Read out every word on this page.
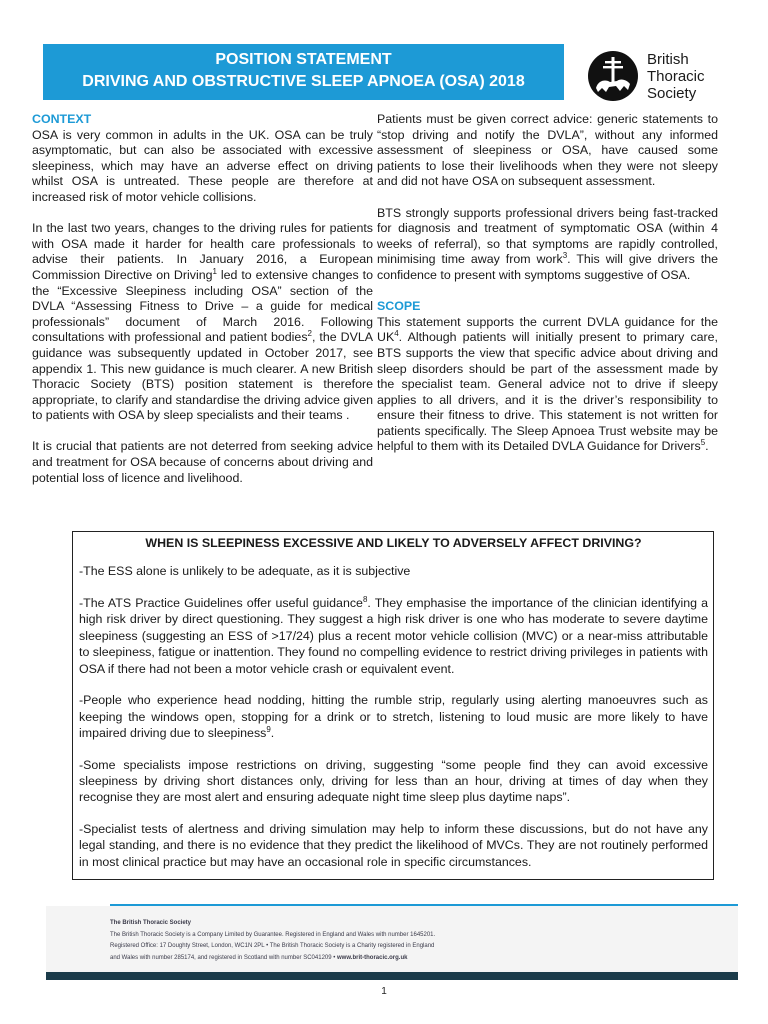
POSITION STATEMENT
DRIVING AND OBSTRUCTIVE SLEEP APNOEA (OSA) 2018
British
Thoracic
Society
CONTEXT

OSA is very common in adults in the UK. OSA can be truly asymptomatic, but can also be associated with excessive sleepiness, which may have an adverse effect on driving whilst OSA is untreated. These people are therefore at increased risk of motor vehicle collisions.

In the last two years, changes to the driving rules for patients with OSA made it harder for health care professionals to advise their patients. In January 2016, a European Commission Directive on Driving$^1$ led to extensive changes to the “Excessive Sleepiness including OSA” section of the DVLA “Assessing Fitness to Drive – a guide for medical professionals” document of March 2016. Following consultations with professional and patient bodies$^2$, the DVLA guidance was subsequently updated in October 2017, see appendix 1. This new guidance is much clearer. A new British Thoracic Society (BTS) position statement is therefore appropriate, to clarify and standardise the driving advice given to patients with OSA by sleep specialists and their teams .

It is crucial that patients are not deterred from seeking advice and treatment for OSA because of concerns about driving and potential loss of licence and livelihood.

Patients must be given correct advice: generic statements to “stop driving and notify the DVLA”, without any informed assessment of sleepiness or OSA, have caused some patients to lose their livelihoods when they were not sleepy and did not have OSA on subsequent assessment.

BTS strongly supports professional drivers being fast-tracked for diagnosis and treatment of symptomatic OSA (within 4 weeks of referral), so that symptoms are rapidly controlled, minimising time away from work$^3$. This will give drivers the confidence to present with symptoms suggestive of OSA.

SCOPE

This statement supports the current DVLA guidance for the $UK^4$. Although patients will initially present to primary care, BTS supports the view that specific advice about driving and sleep disorders should be part of the assessment made by the specialist team. General advice not to drive if sleepy applies to all drivers, and it is the driver’s responsibility to ensure their fitness to drive. This statement is not written for patients specifically. The Sleep Apnoea Trust website may be helpful to them with its Detailed DVLA Guidance for Drivers$^5$.

WHEN IS SLEEPINESS EXCESSIVE AND LIKELY TO ADVERSELY AFFECT DRIVING?

-The ESS alone is unlikely to be adequate, as it is subjective

-The ATS Practice Guidelines offer useful guidance$^8$. They emphasise the importance of the clinician identifying a high risk driver by direct questioning. They suggest a high risk driver is one who has moderate to severe daytime sleepiness (suggesting an ESS of >17/24) plus a recent motor vehicle collision (MVC) or a near-miss attributable to sleepiness, fatigue or inattention. They found no compelling evidence to restrict driving privileges in patients with OSA if there had not been a motor vehicle crash or equivalent event.

-People who experience head nodding, hitting the rumble strip, regularly using alerting manoeuvres such as keeping the windows open, stopping for a drink or to stretch, listening to loud music are more likely to have impaired driving due to sleepiness$^9$.

-Some specialists impose restrictions on driving, suggesting “some people find they can avoid excessive sleepiness by driving short distances only, driving for less than an hour, driving at times of day when they recognise they are most alert and ensuring adequate night time sleep plus daytime naps”.

-Specialist tests of alertness and driving simulation may help to inform these discussions, but do not have any legal standing, and there is no evidence that they predict the likelihood of MVCs. They are not routinely performed in most clinical practice but may have an occasional role in specific circumstances.

The British Thoracic Society
The British Thoracic Society is a Company Limited by Guarantee. Registered in England and Wales with number 1645201.
Registered Office: 17 Doughty Street, London, WC1N 2PL • The British Thoracic Society is a Charity registered in England
and Wales with number 285174, and registered in Scotland with number SC041209 • www.brit-thoracic.org.uk
1
